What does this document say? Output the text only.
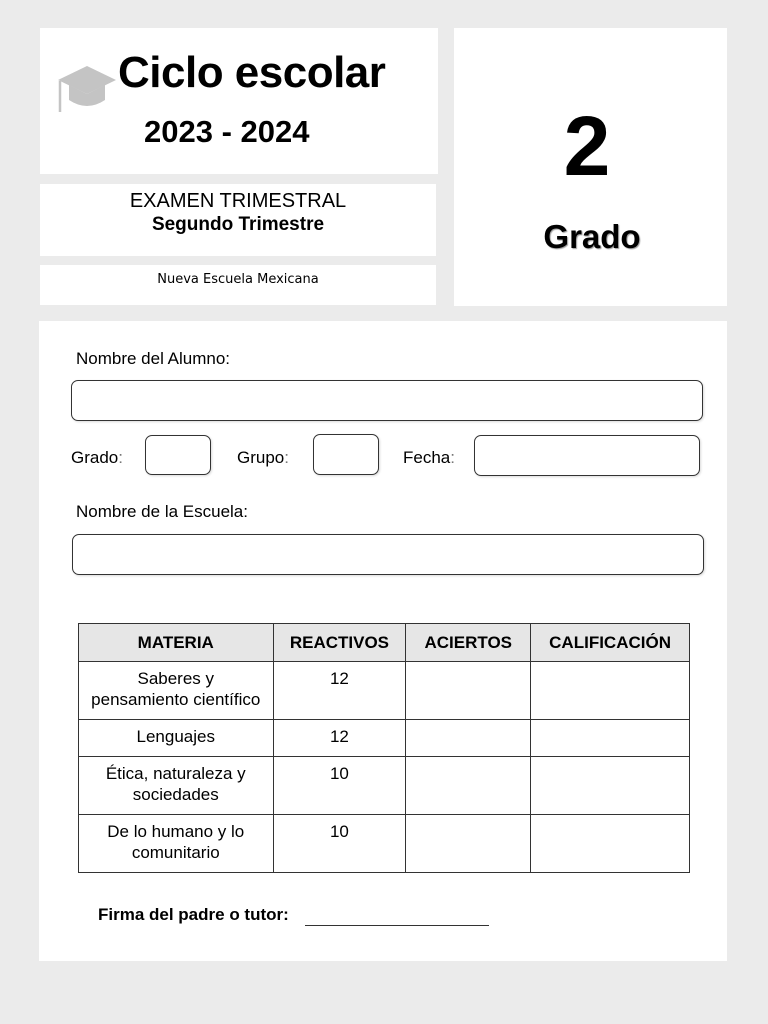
Ciclo escolar
2023 - 2024	2
Grado
EXAMEN TRIMESTRAL
Segundo Trimestre
Nueva Escuela Mexicana
Nombre del Alumno:
Grado:	Grupo:	Fecha:
Nombre de la Escuela:
MATERIA	REACTIVOS	ACIERTOS	CALIFICACIÓN
Saberes y
pensamiento científico	12		
Lenguajes	12		
Ética, naturaleza y
sociedades	10		
De lo humano y lo
comunitario	10		
Firma del padre o tutor:
